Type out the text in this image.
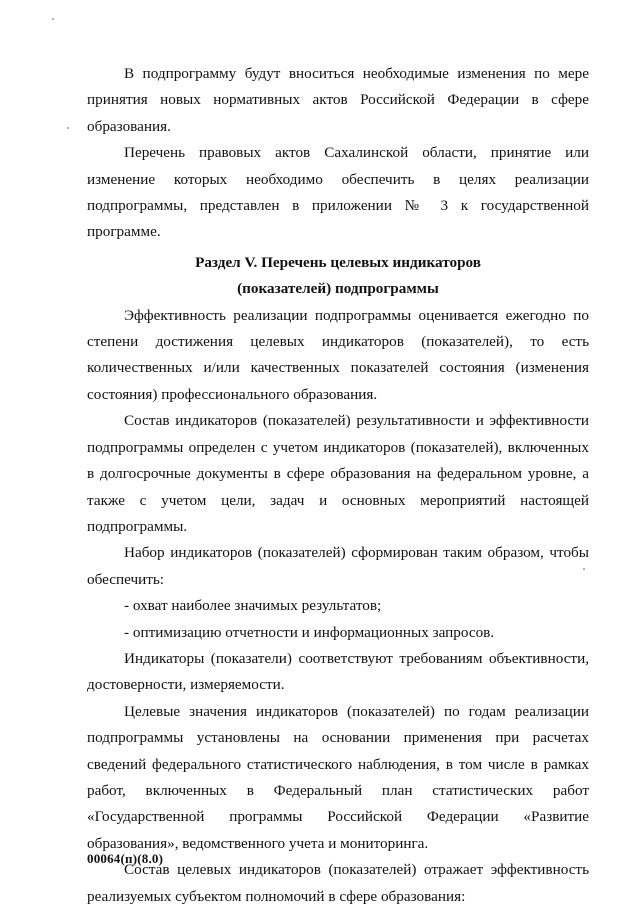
В подпрограмму будут вноситься необходимые изменения по мере принятия новых нормативных актов Российской Федерации в сфере образования.

Перечень правовых актов Сахалинской области, принятие или изменение которых необходимо обеспечить в целях реализации подпрограммы, представлен в приложении № 3 к государственной программе.

Раздел V. Перечень целевых индикаторов

(показателей) подпрограммы

Эффективность реализации подпрограммы оценивается ежегодно по степени достижения целевых индикаторов (показателей), то есть количественных и/или качественных показателей состояния (изменения состояния) профессионального образования.

Состав индикаторов (показателей) результативности и эффективности подпрограммы определен с учетом индикаторов (показателей), включенных в долгосрочные документы в сфере образования на федеральном уровне, а также с учетом цели, задач и основных мероприятий настоящей подпрограммы.

Набор индикаторов (показателей) сформирован таким образом, чтобы обеспечить:

- охват наиболее значимых результатов;

- оптимизацию отчетности и информационных запросов.

Индикаторы (показатели) соответствуют требованиям объективности, достоверности, измеряемости.

Целевые значения индикаторов (показателей) по годам реализации подпрограммы установлены на основании применения при расчетах сведений федерального статистического наблюдения, в том числе в рамках работ, включенных в Федеральный план статистических работ «Государственной программы Российской Федерации «Развитие образования», ведомственного учета и мониторинга.

Состав целевых индикаторов (показателей) отражает эффективность реализуемых субъектом полномочий в сфере образования:

00064(п)(8.0)
